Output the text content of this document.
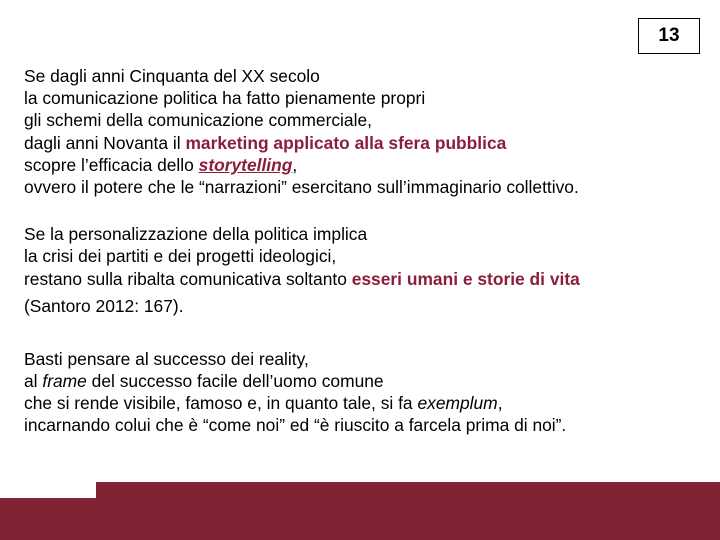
13

Se dagli anni Cinquanta del XX secolo
la comunicazione politica ha fatto pienamente propri
gli schemi della comunicazione commerciale,
dagli anni Novanta il marketing applicato alla sfera pubblica
scopre l’efficacia dello storytelling,
ovvero il potere che le “narrazioni” esercitano sull’immaginario collettivo.

Se la personalizzazione della politica implica
la crisi dei partiti e dei progetti ideologici,
restano sulla ribalta comunicativa soltanto esseri umani e storie di vita
(Santoro 2012: 167).

Basti pensare al successo dei reality,
al frame del successo facile dell’uomo comune
che si rende visibile, famoso e, in quanto tale, si fa exemplum,
incarnando colui che è “come noi” ed “è riuscito a farcela prima di noi”.
